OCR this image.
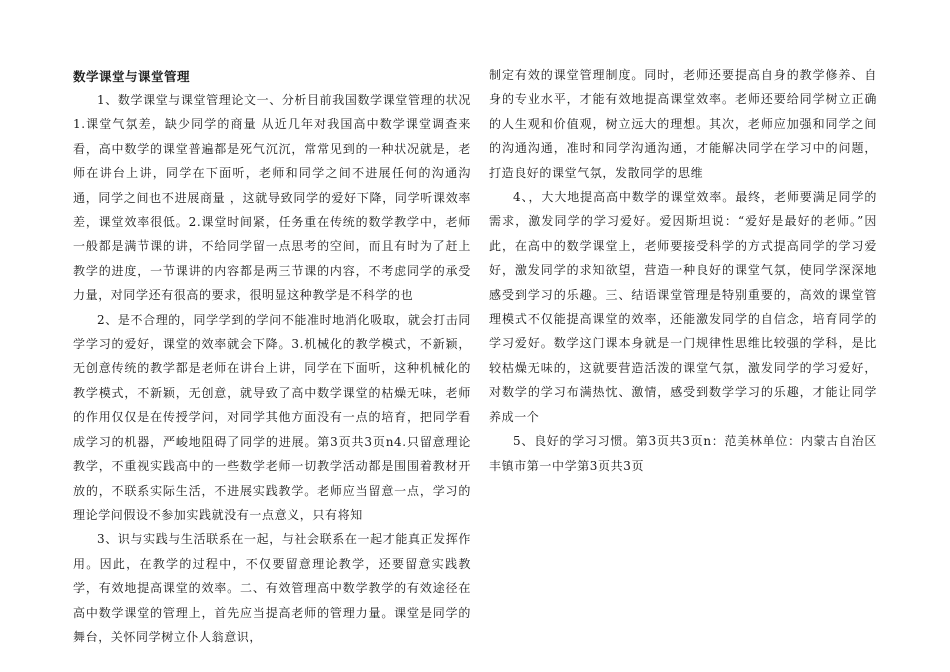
数学课堂与课堂管理

1、数学课堂与课堂管理论文一、分析目前我国数学课堂管理的状况1.课堂气氛差，缺少同学的商量 从近几年对我国高中数学课堂调查来看，高中数学的课堂普遍都是死气沉沉，常常见到的一种状况就是，老师在讲台上讲，同学在下面听，老师和同学之间不进展任何的沟通沟通，同学之间也不进展商量 ，这就导致同学的爱好下降，同学听课效率差，课堂效率很低。2.课堂时间紧，任务重在传统的数学教学中，老师一般都是满节课的讲，不给同学留一点思考的空间，而且有时为了赶上教学的进度，一节课讲的内容都是两三节课的内容，不考虑同学的承受力量，对同学还有很高的要求，很明显这种教学是不科学的也

2、是不合理的，同学学到的学问不能准时地消化吸取，就会打击同学学习的爱好，课堂的效率就会下降。3.机械化的教学模式，不新颖，无创意传统的教学都是老师在讲台上讲，同学在下面听，这种机械化的教学模式，不新颖，无创意，就导致了高中数学课堂的枯燥无味，老师的作用仅仅是在传授学问，对同学其他方面没有一点的培育，把同学看成学习的机器，严峻地阻碍了同学的进展。第3页共3页n4.只留意理论教学，不重视实践高中的一些数学老师一切教学活动都是围围着教材开放的，不联系实际生活，不进展实践教学。老师应当留意一点，学习的理论学问假设不参加实践就没有一点意义，只有将知

3、识与实践与生活联系在一起，与社会联系在一起才能真正发挥作用。因此，在教学的过程中，不仅要留意理论教学，还要留意实践教学，有效地提高课堂的效率。二、有效管理高中数学教学的有效途径在高中数学课堂的管理上，首先应当提高老师的管理力量。课堂是同学的舞台，关怀同学树立仆人翁意识，

制定有效的课堂管理制度。同时，老师还要提高自身的教学修养、自身的专业水平，才能有效地提高课堂效率。老师还要给同学树立正确的人生观和价值观，树立远大的理想。其次，老师应加强和同学之间的沟通沟通，准时和同学沟通沟通，才能解决同学在学习中的问题，打造良好的课堂气氛，发散同学的思维

4、，大大地提高高中数学的课堂效率。最终，老师要满足同学的需求，激发同学的学习爱好。爱因斯坦说：“爱好是最好的老师。”因此，在高中的数学课堂上，老师要接受科学的方式提高同学的学习爱好，激发同学的求知欲望，营造一种良好的课堂气氛，使同学深深地感受到学习的乐趣。三、结语课堂管理是特别重要的，高效的课堂管理模式不仅能提高课堂的效率，还能激发同学的自信念，培育同学的学习爱好。数学这门课本身就是一门规律性思维比较强的学科，是比较枯燥无味的，这就要营造活泼的课堂气氛，激发同学的学习爱好，对数学的学习布满热忱、激情，感受到数学学习的乐趣，才能让同学养成一个

5、良好的学习习惯。第3页共3页n：范美林单位：内蒙古自治区丰镇市第一中学第3页共3页
